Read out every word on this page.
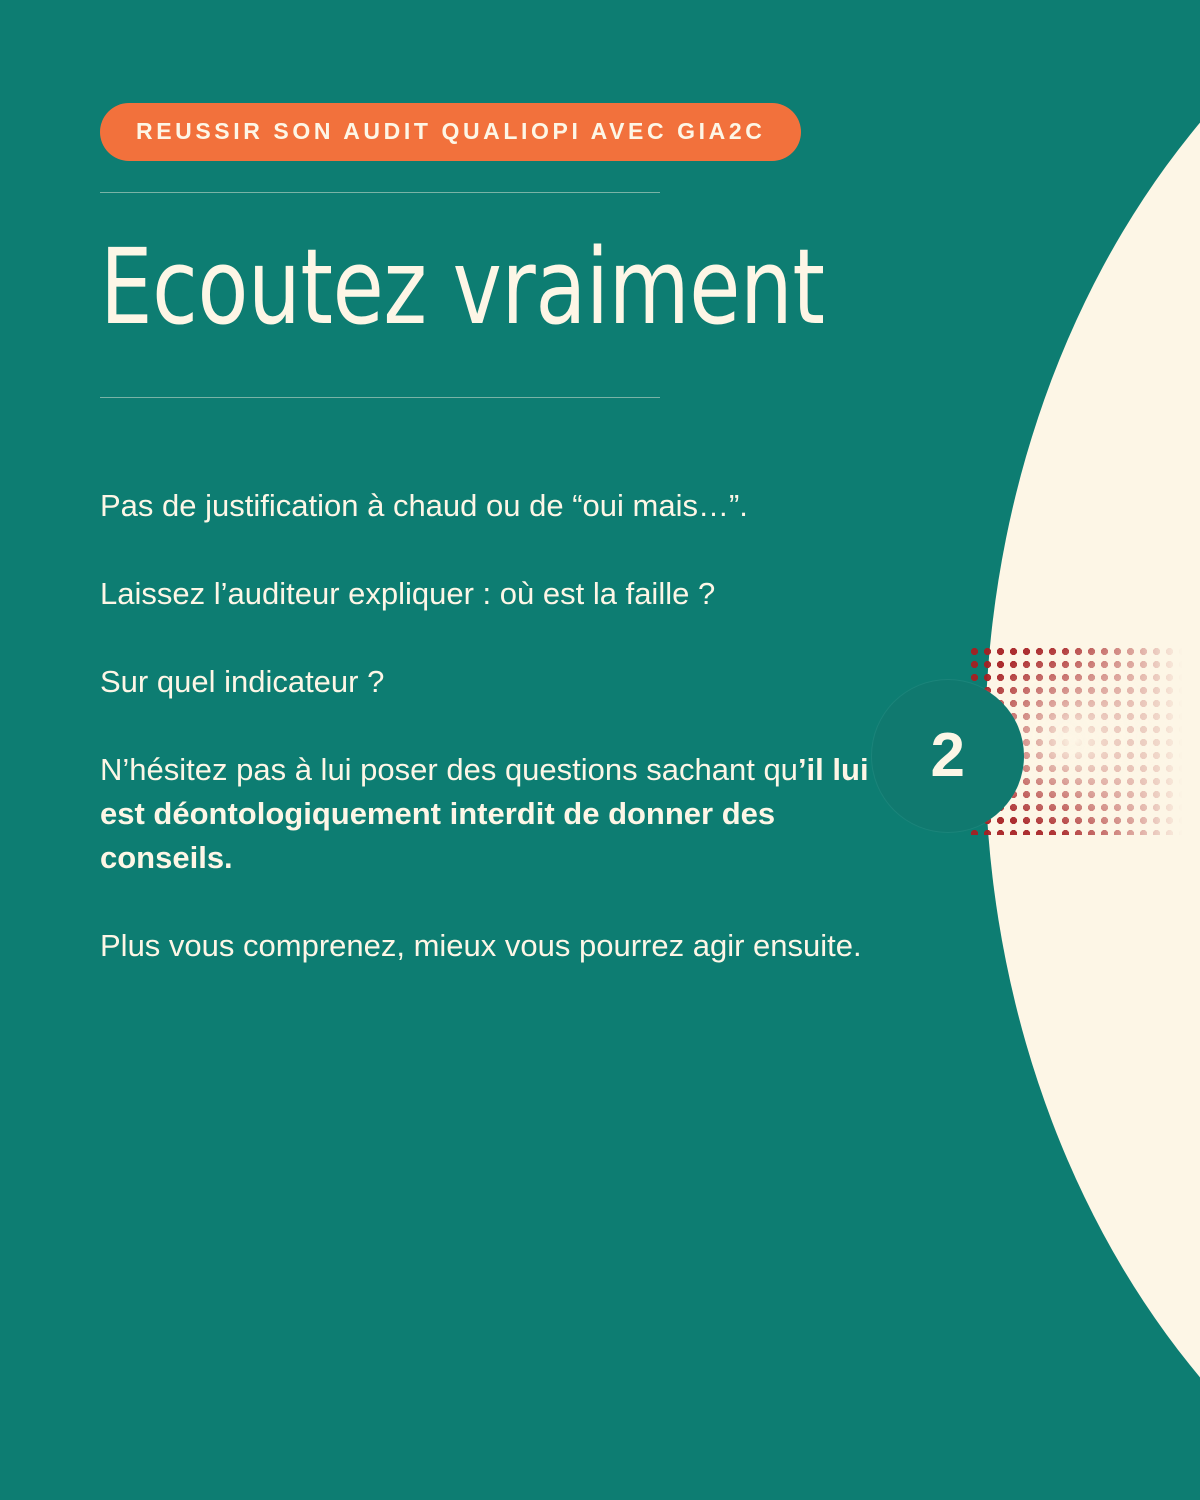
2
REUSSIR SON AUDIT QUALIOPI AVEC GIA2C
Ecoutez vraiment

Pas de justification à chaud ou de “oui mais…”.

Laissez l’auditeur expliquer : où est la faille ?

Sur quel indicateur ?

N’hésitez pas à lui poser des questions sachant qu’il lui est déontologiquement interdit de donner des conseils.

Plus vous comprenez, mieux vous pourrez agir ensuite.
